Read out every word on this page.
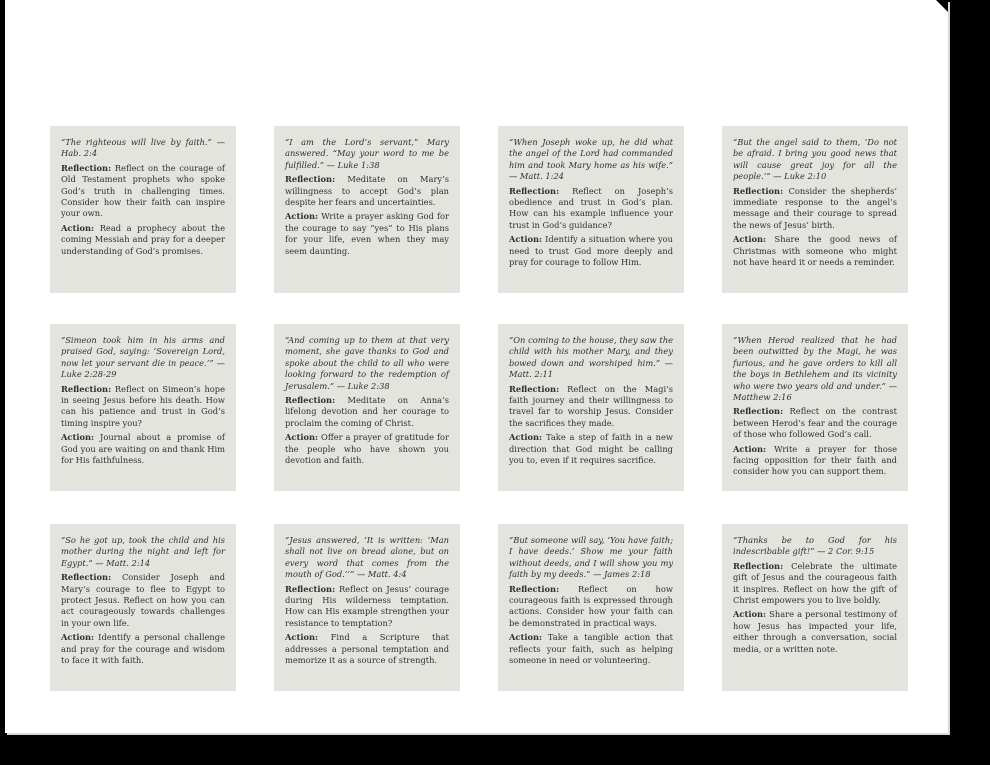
“The righteous will live by faith.” — Hab. 2:4

Reflection: Reflect on the courage of Old Testament prophets who spoke God’s truth in challenging times. Consider how their faith can inspire your own.

Action: Read a prophecy about the coming Messiah and pray for a deeper understanding of God’s promises.

“I am the Lord’s servant,” Mary answered. “May your word to me be fulfilled.” — Luke 1:38

Reflection: Meditate on Mary’s willingness to accept God’s plan despite her fears and uncertainties.

Action: Write a prayer asking God for the courage to say “yes” to His plans for your life, even when they may seem daunting.

“When Joseph woke up, he did what the angel of the Lord had commanded him and took Mary home as his wife.” — Matt. 1:24

Reflection: Reflect on Joseph’s obedience and trust in God’s plan. How can his example influence your trust in God’s guidance?

Action: Identify a situation where you need to trust God more deeply and pray for courage to follow Him.

“But the angel said to them, ‘Do not be afraid. I bring you good news that will cause great joy for all the people.’” — Luke 2:10

Reflection: Consider the shepherds’ immediate response to the angel’s message and their courage to spread the news of Jesus’ birth.

Action: Share the good news of Christmas with someone who might not have heard it or needs a reminder.

“Simeon took him in his arms and praised God, saying: ‘Sovereign Lord, now let your servant die in peace.’” — Luke 2:28-29

Reflection: Reflect on Simeon’s hope in seeing Jesus before his death. How can his patience and trust in God’s timing inspire you?

Action: Journal about a promise of God you are waiting on and thank Him for His faithfulness.

“And coming up to them at that very moment, she gave thanks to God and spoke about the child to all who were looking forward to the redemption of Jerusalem.” — Luke 2:38

Reflection: Meditate on Anna’s lifelong devotion and her courage to proclaim the coming of Christ.

Action: Offer a prayer of gratitude for the people who have shown you devotion and faith.

“On coming to the house, they saw the child with his mother Mary, and they bowed down and worshiped him.” — Matt. 2:11

Reflection: Reflect on the Magi’s faith journey and their willingness to travel far to worship Jesus. Consider the sacrifices they made.

Action: Take a step of faith in a new direction that God might be calling you to, even if it requires sacrifice.

“When Herod realized that he had been outwitted by the Magi, he was furious, and he gave orders to kill all the boys in Bethlehem and its vicinity who were two years old and under.” — Matthew 2:16

Reflection: Reflect on the contrast between Herod’s fear and the courage of those who followed God’s call.

Action: Write a prayer for those facing opposition for their faith and consider how you can support them.

“So he got up, took the child and his mother during the night and left for Egypt.” — Matt. 2:14

Reflection: Consider Joseph and Mary’s courage to flee to Egypt to protect Jesus. Reflect on how you can act courageously towards challenges in your own life.

Action: Identify a personal challenge and pray for the courage and wisdom to face it with faith.

“Jesus answered, ‘It is written: ‘Man shall not live on bread alone, but on every word that comes from the mouth of God.’’” — Matt. 4:4

Reflection: Reflect on Jesus’ courage during His wilderness temptation. How can His example strengthen your resistance to temptation?

Action: Find a Scripture that addresses a personal temptation and memorize it as a source of strength.

“But someone will say, ‘You have faith; I have deeds.’ Show me your faith without deeds, and I will show you my faith by my deeds.” — James 2:18

Reflection: Reflect on how courageous faith is expressed through actions. Consider how your faith can be demonstrated in practical ways.

Action: Take a tangible action that reflects your faith, such as helping someone in need or volunteering.

“Thanks be to God for his indescribable gift!” — 2 Cor. 9:15

Reflection: Celebrate the ultimate gift of Jesus and the courageous faith it inspires. Reflect on how the gift of Christ empowers you to live boldly.

Action: Share a personal testimony of how Jesus has impacted your life, either through a conversation, social media, or a written note.
